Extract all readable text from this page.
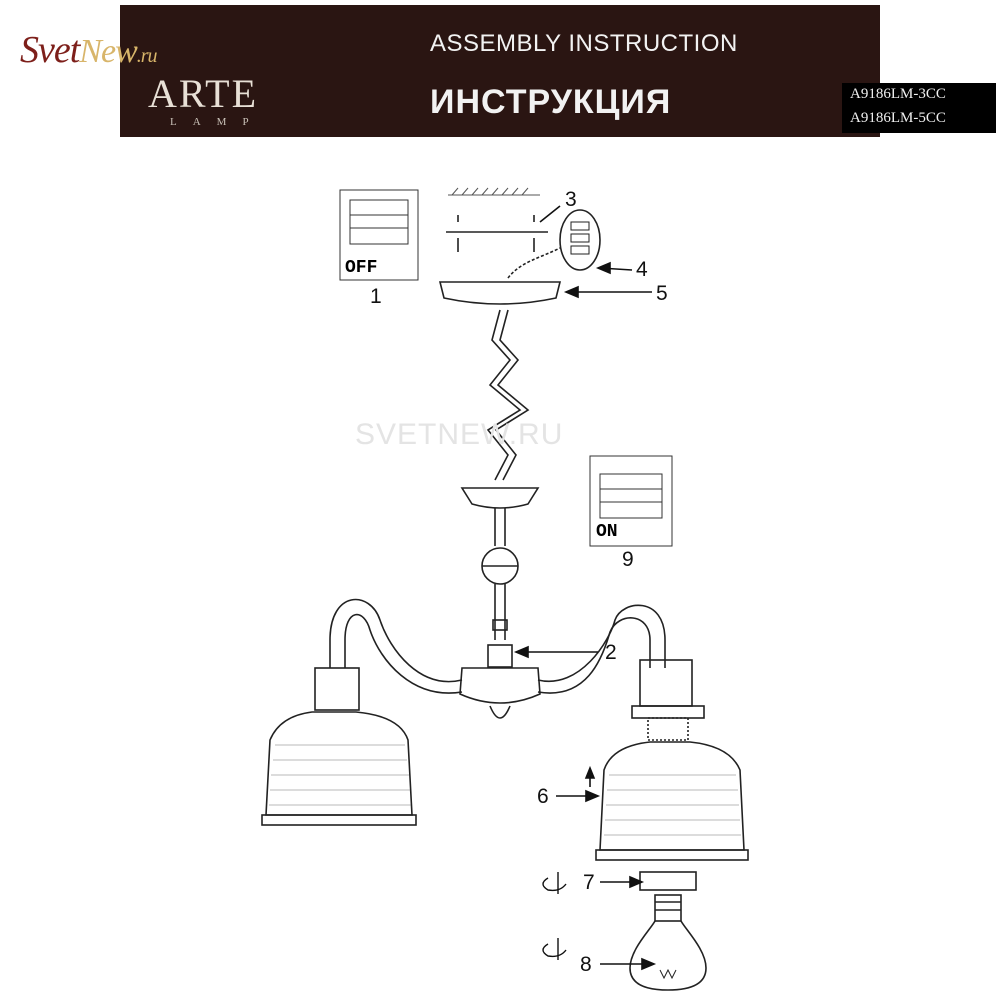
ASSEMBLY INSTRUCTION
ИНСТРУКЦИЯ
A
A9186LM-3CC
A9186LM-5CC
SvetNew.ru
ARTE
LAMP
SVETNEW.RU
OFF
ON
1
2
3
4
5
6
7
8
9
